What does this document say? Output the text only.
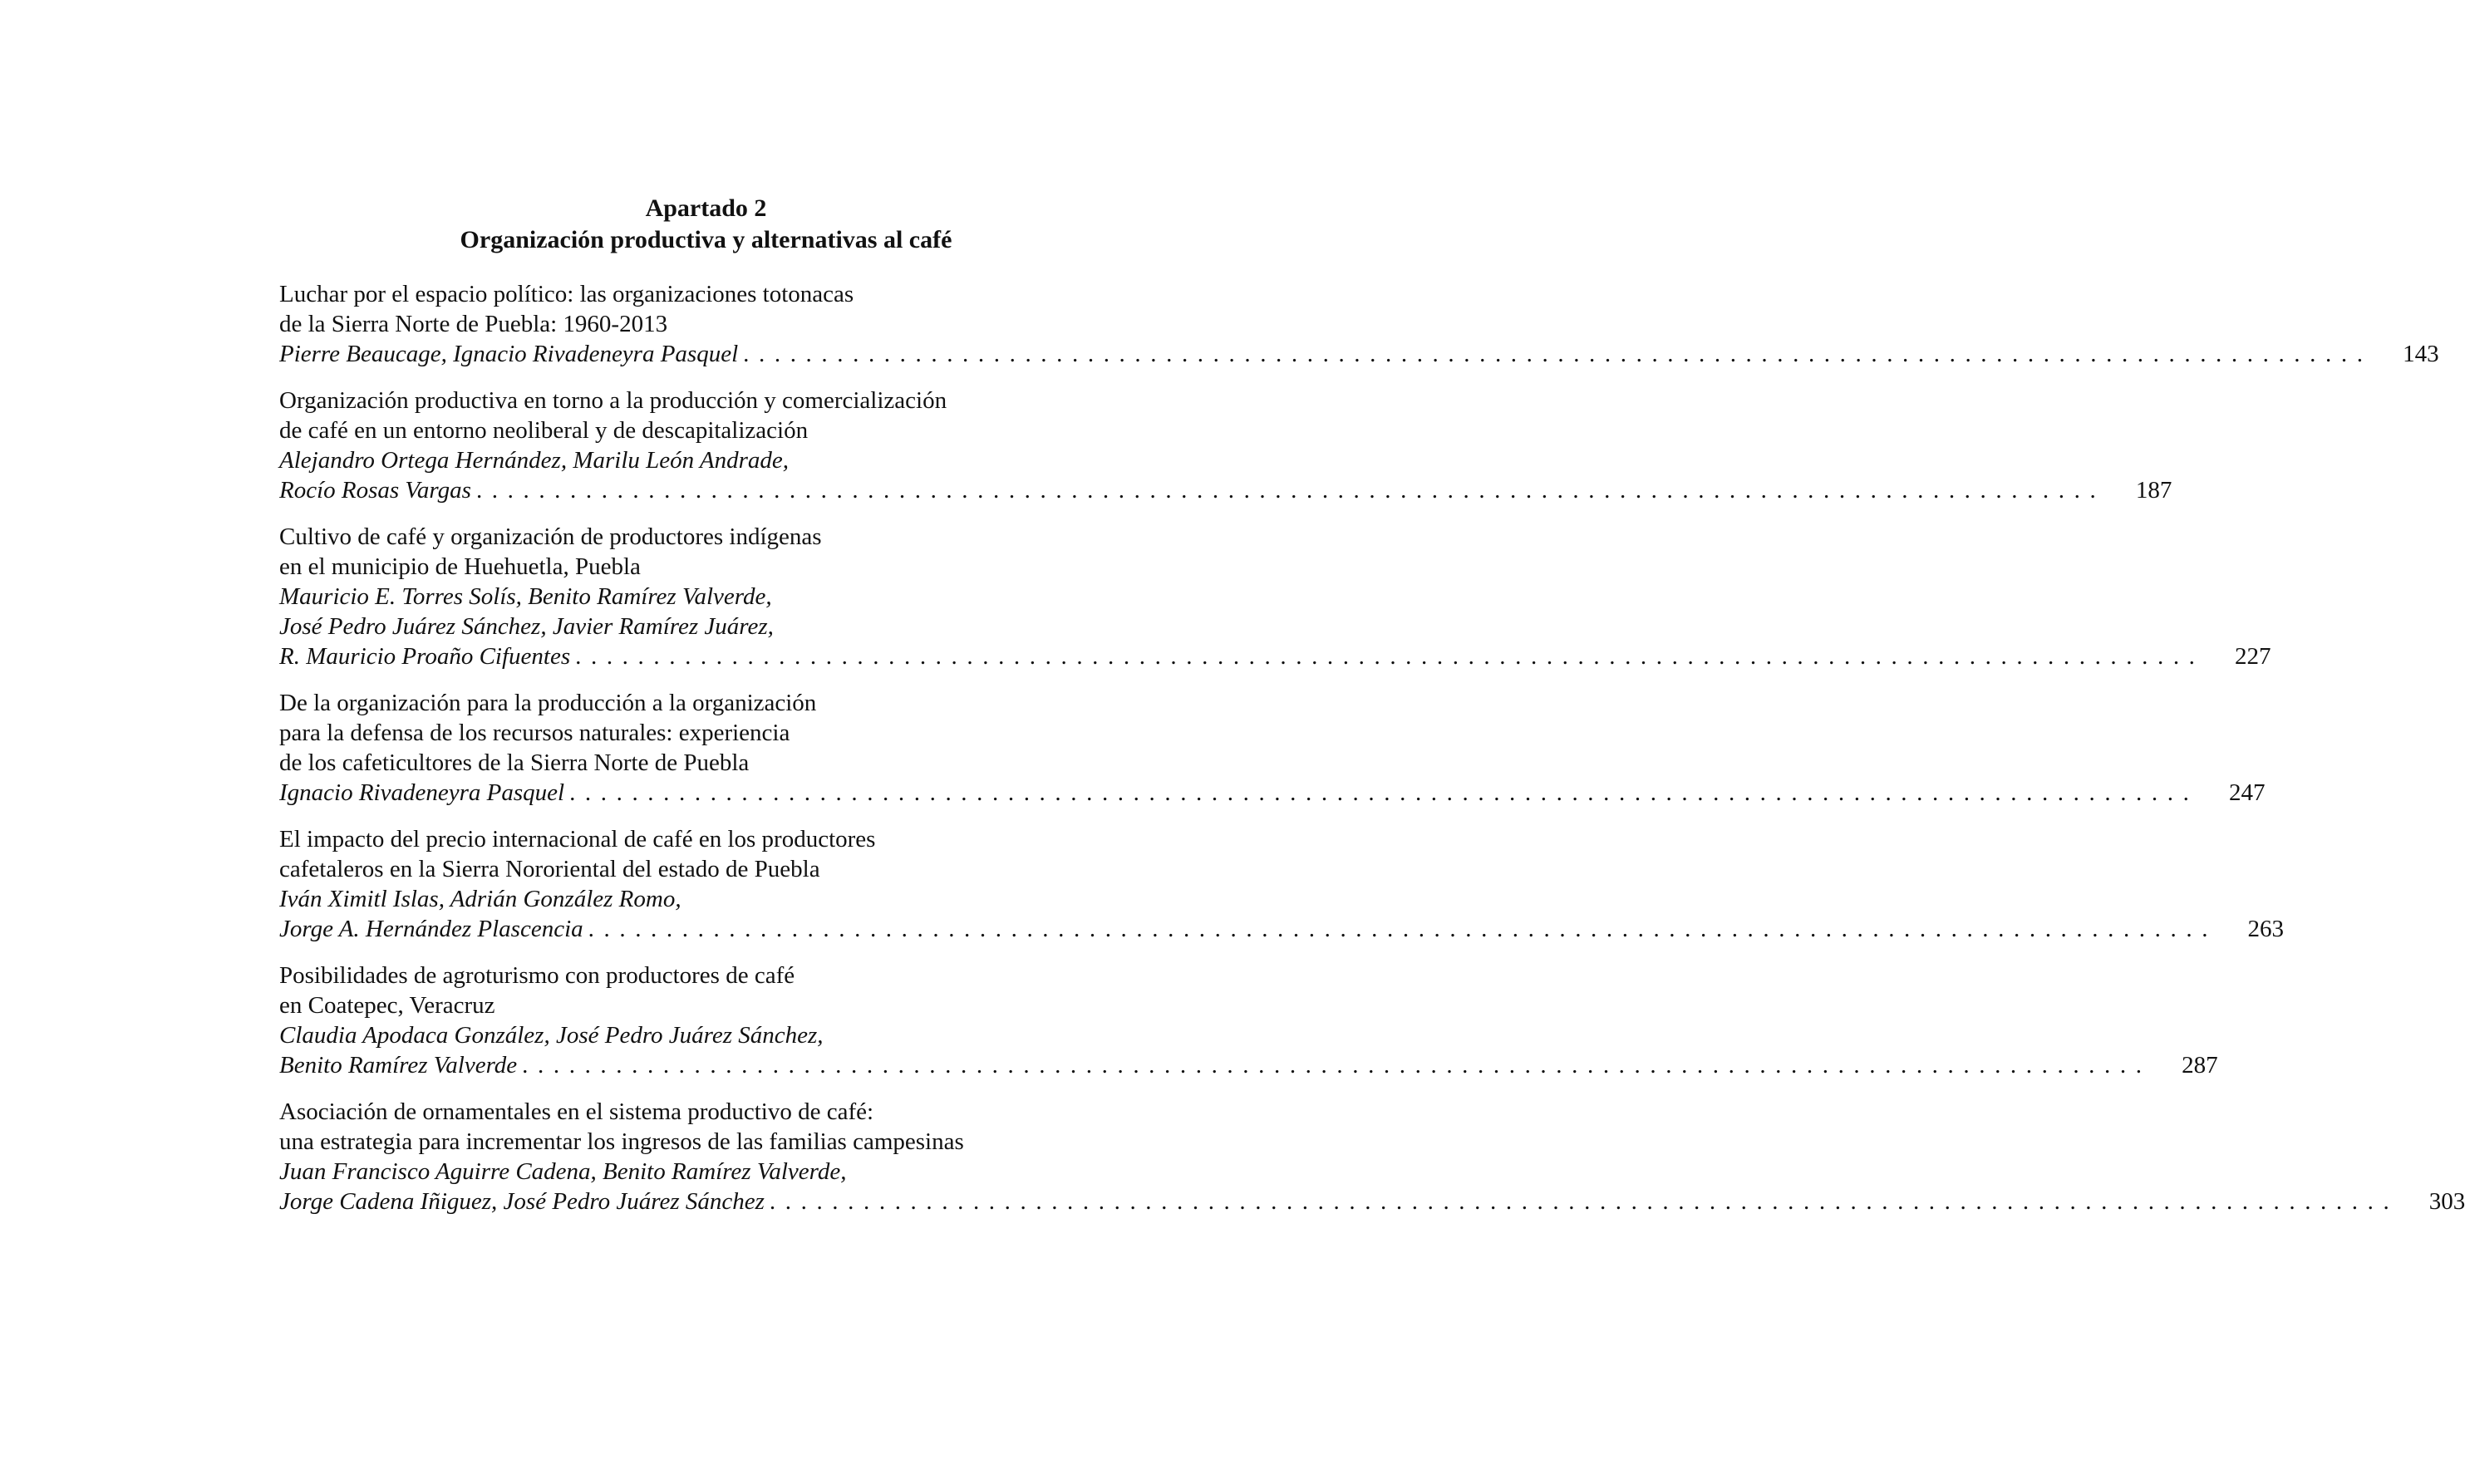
Apartado 2
Organización productiva y alternativas al café
Luchar por el espacio político: las organizaciones totonacas
de la Sierra Norte de Puebla: 1960-2013
Pierre Beaucage, Ignacio Rivadeneyra Pasquel ........................................................................................................	143
Organización productiva en torno a la producción y comercialización
de café en un entorno neoliberal y de descapitalización
Alejandro Ortega Hernández, Marilu León Andrade,
Rocío Rosas Vargas ........................................................................................................	187
Cultivo de café y organización de productores indígenas
en el municipio de Huehuetla, Puebla
Mauricio E. Torres Solís, Benito Ramírez Valverde,
José Pedro Juárez Sánchez, Javier Ramírez Juárez,
R. Mauricio Proaño Cifuentes ........................................................................................................	227
De la organización para la producción a la organización
para la defensa de los recursos naturales: experiencia
de los cafeticultores de la Sierra Norte de Puebla
Ignacio Rivadeneyra Pasquel ........................................................................................................	247
El impacto del precio internacional de café en los productores
cafetaleros en la Sierra Nororiental del estado de Puebla
Iván Ximitl Islas, Adrián González Romo,
Jorge A. Hernández Plascencia ........................................................................................................	263
Posibilidades de agroturismo con productores de café
en Coatepec, Veracruz
Claudia Apodaca González, José Pedro Juárez Sánchez,
Benito Ramírez Valverde ........................................................................................................	287
Asociación de ornamentales en el sistema productivo de café:
una estrategia para incrementar los ingresos de las familias campesinas
Juan Francisco Aguirre Cadena, Benito Ramírez Valverde,
Jorge Cadena Iñiguez, José Pedro Juárez Sánchez ........................................................................................................	303
